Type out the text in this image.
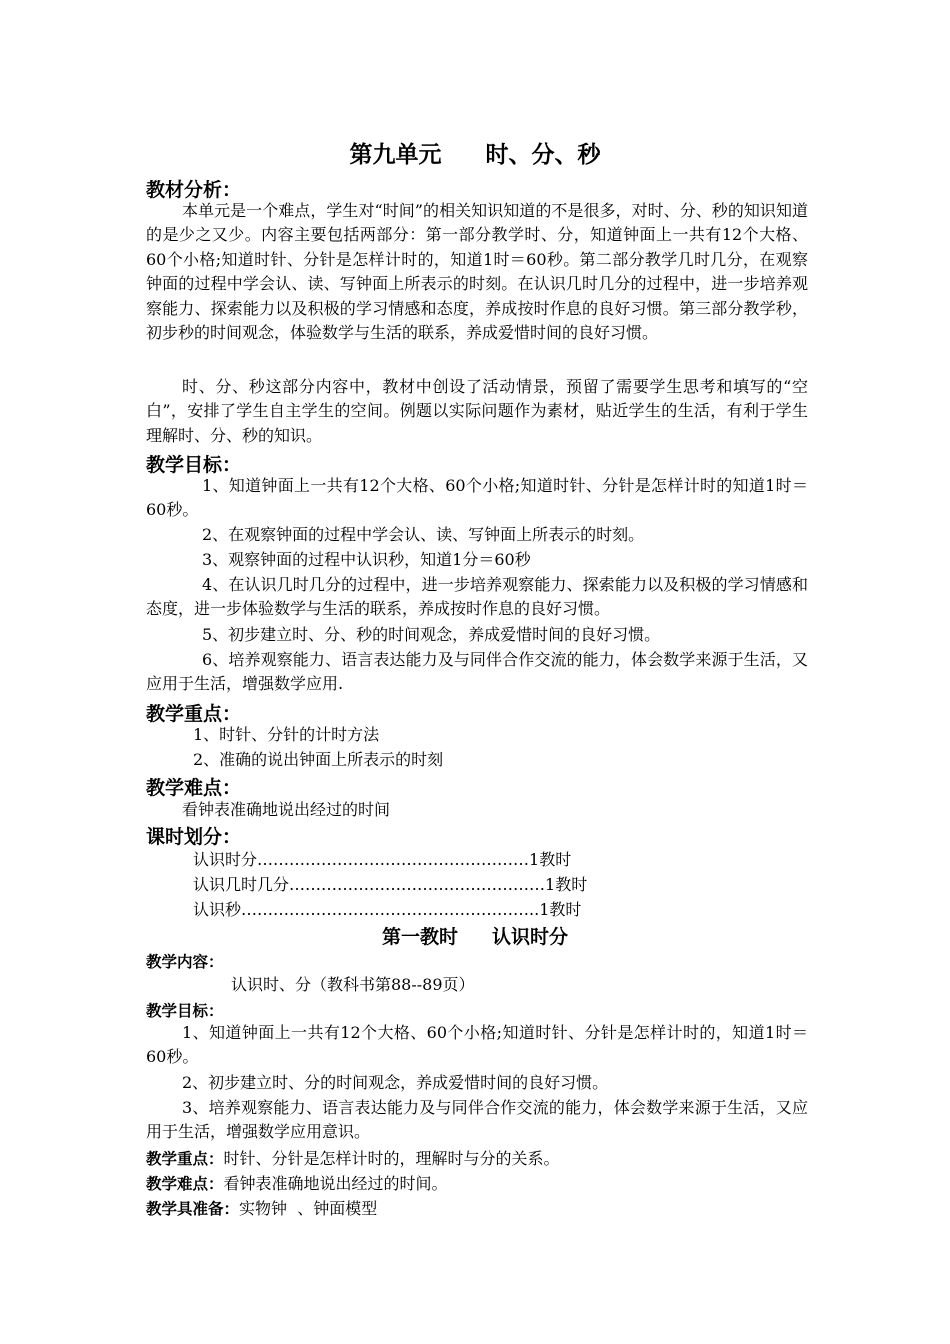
第九单元 时、分、秒
教材分析：
本单元是一个难点，学生对“时间”的相关知识知道的不是很多，对时、分、秒的知识知道的是少之又少。内容主要包括两部分：第一部分教学时、分，知道钟面上一共有12个大格、60个小格;知道时针、分针是怎样计时的，知道1时＝60秒。第二部分教学几时几分，在观察钟面的过程中学会认、读、写钟面上所表示的时刻。在认识几时几分的过程中，进一步培养观察能力、探索能力以及积极的学习情感和态度，养成按时作息的良好习惯。第三部分教学秒，初步秒的时间观念，体验数学与生活的联系，养成爱惜时间的良好习惯。
时、分、秒这部分内容中，教材中创设了活动情景，预留了需要学生思考和填写的“空白”，安排了学生自主学生的空间。例题以实际问题作为素材，贴近学生的生活，有利于学生理解时、分、秒的知识。
教学目标：
1、知道钟面上一共有12个大格、60个小格;知道时针、分针是怎样计时的知道1时＝60秒。
2、在观察钟面的过程中学会认、读、写钟面上所表示的时刻。
3、观察钟面的过程中认识秒，知道1分＝60秒
4、在认识几时几分的过程中，进一步培养观察能力、探索能力以及积极的学习情感和态度，进一步体验数学与生活的联系，养成按时作息的良好习惯。
5、初步建立时、分、秒的时间观念，养成爱惜时间的良好习惯。
6、培养观察能力、语言表达能力及与同伴合作交流的能力，体会数学来源于生活，又应用于生活，增强数学应用.
教学重点：
1、时针、分针的计时方法
2、准确的说出钟面上所表示的时刻
教学难点：
看钟表准确地说出经过的时间
课时划分：
认识时分……………………………………………1教时
认识几时几分…………………………………………1教时
认识秒………………………………………………..1教时
第一教时 认识时分
教学内容：
认识时、分（教科书第88--89页）
教学目标：
1、知道钟面上一共有12个大格、60个小格;知道时针、分针是怎样计时的，知道1时＝60秒。
2、初步建立时、分的时间观念，养成爱惜时间的良好习惯。
3、培养观察能力、语言表达能力及与同伴合作交流的能力，体会数学来源于生活，又应用于生活，增强数学应用意识。
教学重点：时针、分针是怎样计时的，理解时与分的关系。
教学难点：看钟表准确地说出经过的时间。
教学具准备：实物钟  、钟面模型
